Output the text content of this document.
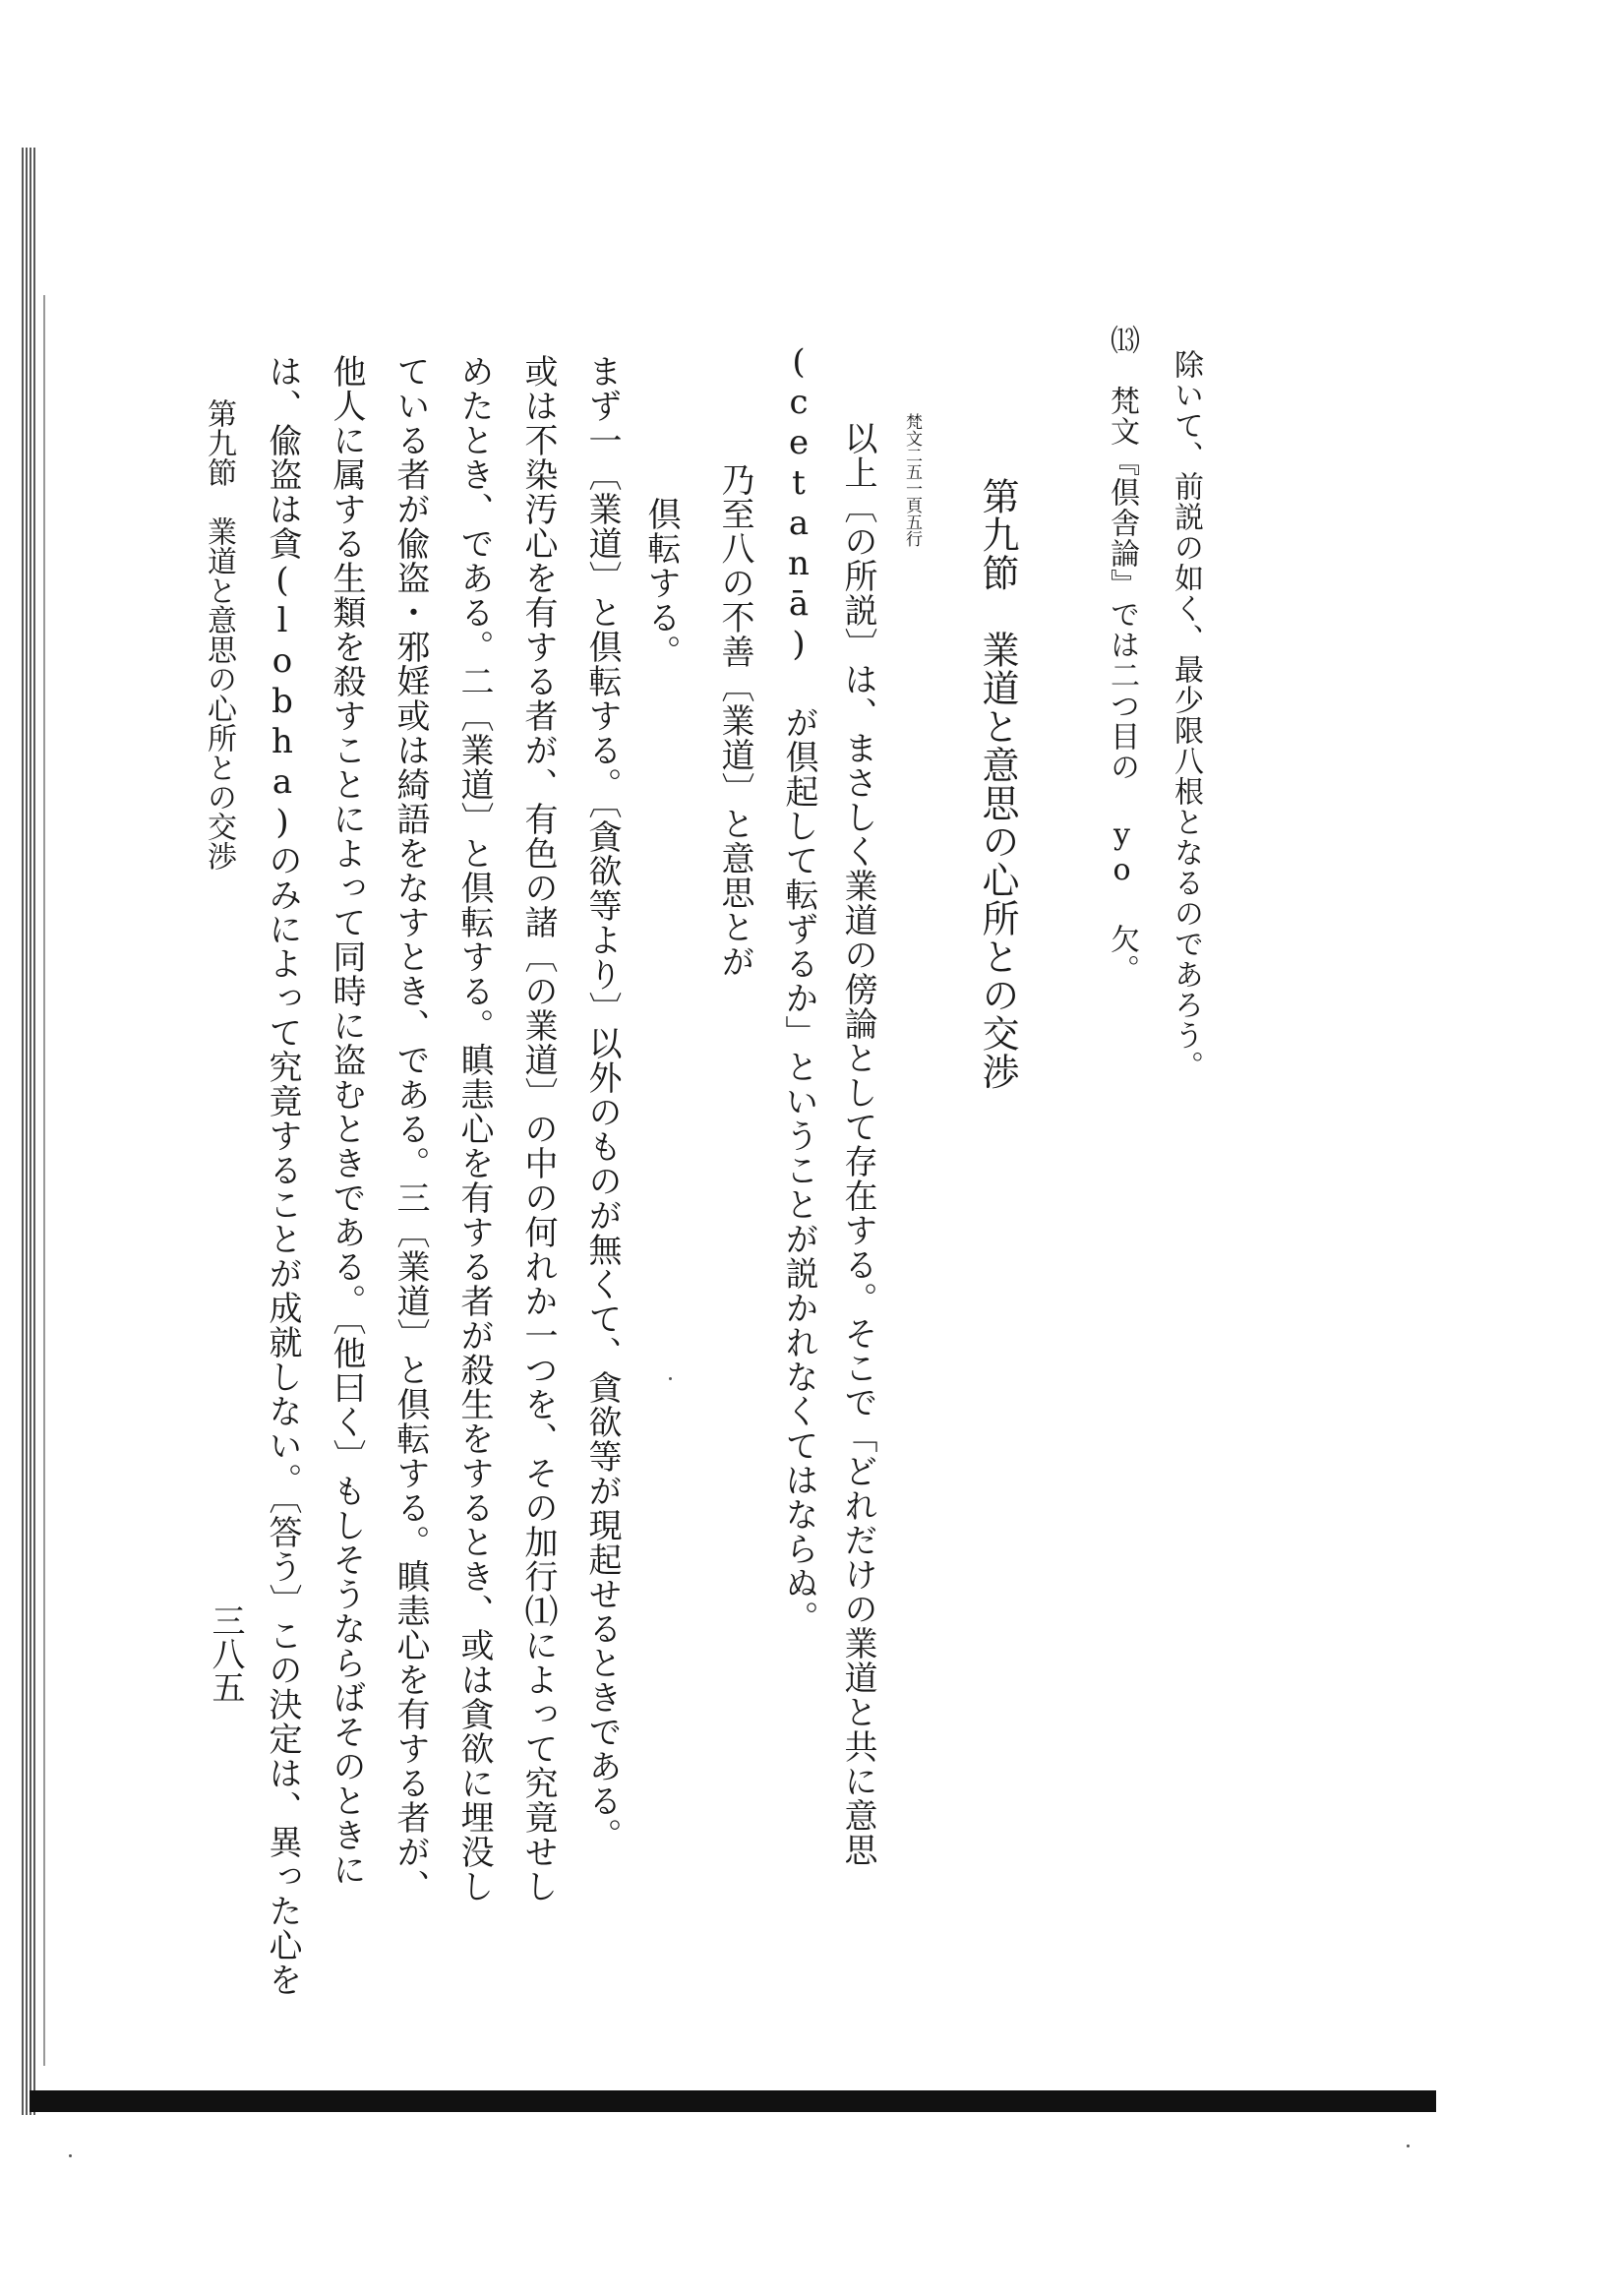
除いて、前説の如く、最少限八根となるのであろう。
⒀　梵文『倶舎論』では二つ目の yo 欠。
第九節　業道と意思の心所との交渉
梵文二五一頁五行
以上〔の所説〕は、まさしく業道の傍論として存在する。そこで「どれだけの業道と共に意思
(cetanā) が倶起して転ずるか」ということが説かれなくてはならぬ。
乃至八の不善〔業道〕と意思とが
倶転する。
まず一〔業道〕と倶転する。〔貪欲等より〕以外のものが無くて、貪欲等が現起せるときである。
或は不染汚心を有する者が、有色の諸〔の業道〕の中の何れか一つを、その加行⑴によって究竟せし
めたとき、である。二〔業道〕と倶転する。瞋恚心を有する者が殺生をするとき、或は貪欲に埋没し
ている者が偸盗・邪婬或は綺語をなすとき、である。三〔業道〕と倶転する。瞋恚心を有する者が、
他人に属する生類を殺すことによって同時に盗むときである。〔他曰く〕もしそうならばそのときに
は、偸盗は貪(lobha)のみによって究竟することが成就しない。〔答う〕この決定は、異った心を
第九節　業道と意思の心所との交渉
三八五
